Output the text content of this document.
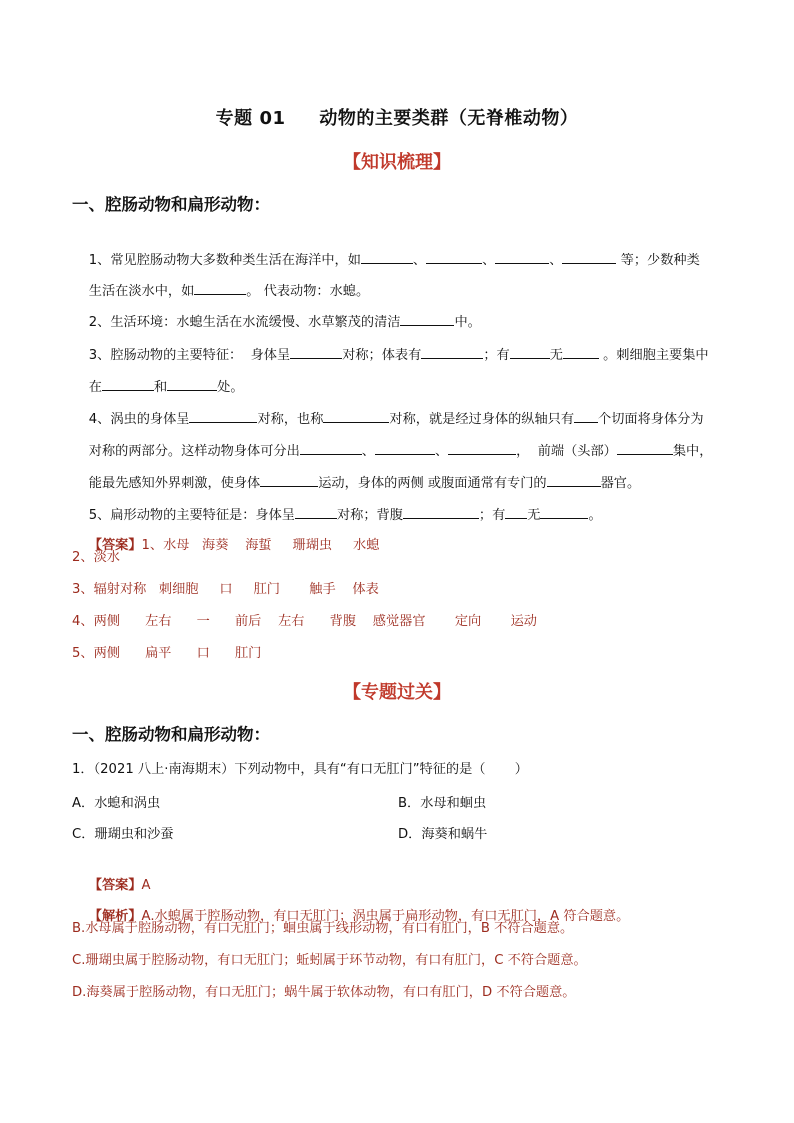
专题 01     动物的主要类群（无脊椎动物）
【知识梳理】
一、腔肠动物和扁形动物：

1、常见腔肠动物大多数种类生活在海洋中，如	、	、	、	等；少数种类

生活在淡水中，如	。 代表动物：水螅。

2、生活环境：水螅生活在水流缓慢、水草繁茂的清洁	中。

3、腔肠动物的主要特征：  身体呈	对称；体表有	；有	无	。刺细胞主要集中

在	和	处。

4、涡虫的身体呈	对称，也称	对称，就是经过身体的纵轴只有 个切面将身体分为

对称的两部分。这样动物身体可分出	、	、	，  前端（头部）	集中，

能最先感知外界刺激，使身体	运动，身体的两侧 或腹面通常有专门的	器官。

5、扁形动物的主要特征是：身体呈	对称；背腹	；有 无	。

【答案】1、水母   海葵    海蜇     珊瑚虫     水螅

2、淡水
3、辐射对称   刺细胞     口     肛门       触手    体表
4、两侧      左右      一      前后    左右      背腹    感觉器官       定向       运动
5、两侧      扁平      口      肛门
【专题过关】
一、腔肠动物和扁形动物：
1．（2021 八上·南海期末）下列动物中，具有“有口无肛门”特征的是（       ）
A．水螅和涡虫	B．水母和蛔虫
C．珊瑚虫和沙蚕	D．海葵和蜗牛

【答案】A

【解析】A.水螅属于腔肠动物，有口无肛门；涡虫属于扁形动物，有口无肛门，A 符合题意。

B.水母属于腔肠动物，有口无肛门；蛔虫属于线形动物，有口有肛门，B 不符合题意。
C.珊瑚虫属于腔肠动物，有口无肛门；蚯蚓属于环节动物，有口有肛门，C 不符合题意。
D.海葵属于腔肠动物，有口无肛门；蜗牛属于软体动物，有口有肛门，D 不符合题意。
